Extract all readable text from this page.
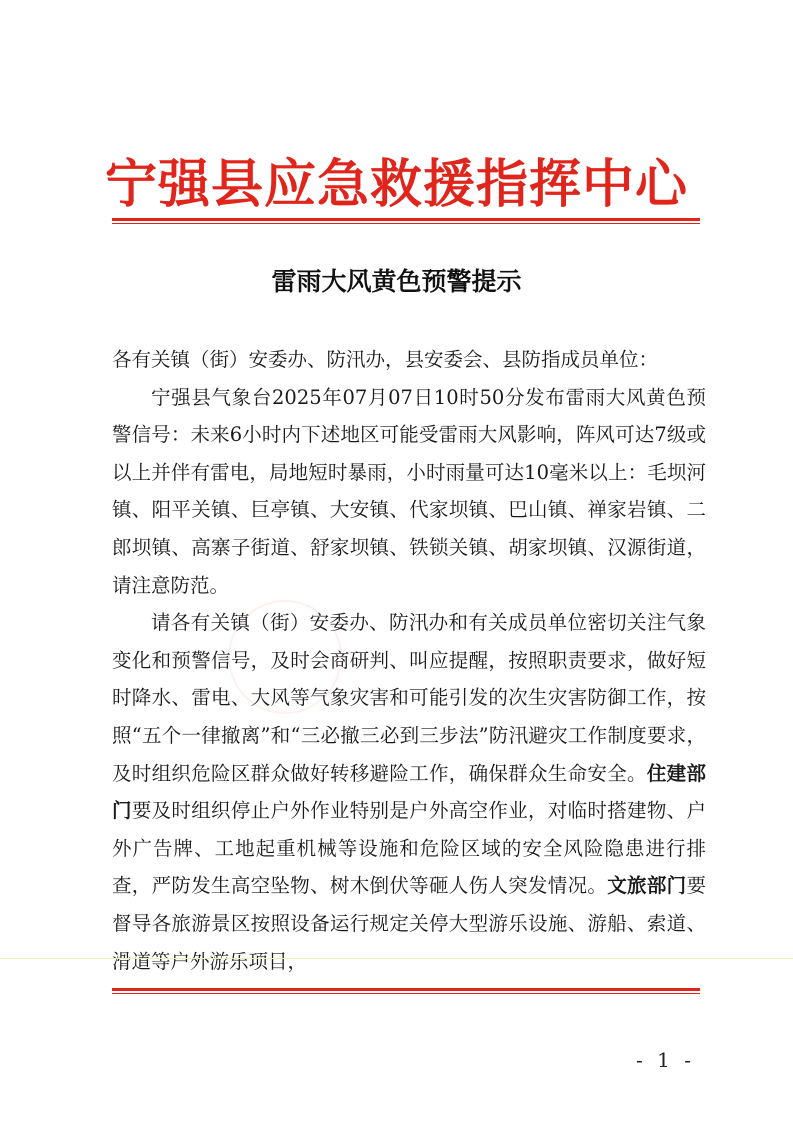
宁强县应急救援指挥中心
雷雨大风黄色预警提示

各有关镇（街）安委办、防汛办，县安委会、县防指成员单位：

宁强县气象台2025年07月07日10时50分发布雷雨大风黄色预警信号：未来6小时内下述地区可能受雷雨大风影响，阵风可达7级或以上并伴有雷电，局地短时暴雨，小时雨量可达10毫米以上：毛坝河镇、阳平关镇、巨亭镇、大安镇、代家坝镇、巴山镇、禅家岩镇、二郎坝镇、高寨子街道、舒家坝镇、铁锁关镇、胡家坝镇、汉源街道，请注意防范。

请各有关镇（街）安委办、防汛办和有关成员单位密切关注气象变化和预警信号，及时会商研判、叫应提醒，按照职责要求，做好短时降水、雷电、大风等气象灾害和可能引发的次生灾害防御工作，按照“五个一律撤离”和“三必撤三必到三步法”防汛避灾工作制度要求，及时组织危险区群众做好转移避险工作，确保群众生命安全。住建部门要及时组织停止户外作业特别是户外高空作业，对临时搭建物、户外广告牌、工地起重机械等设施和危险区域的安全风险隐患进行排查，严防发生高空坠物、树木倒伏等砸人伤人突发情况。文旅部门要督导各旅游景区按照设备运行规定关停大型游乐设施、游船、索道、滑道等户外游乐项目，

- 1 -
